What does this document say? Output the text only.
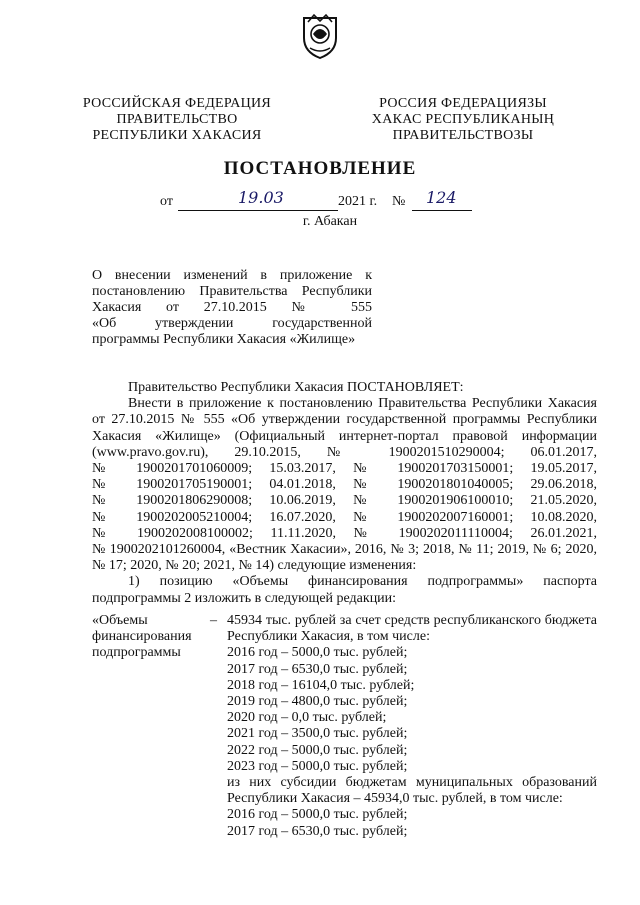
РОССИЙСКАЯ ФЕДЕРАЦИЯ
ПРАВИТЕЛЬСТВО
РЕСПУБЛИКИ ХАКАСИЯ
РОССИЯ ФЕДЕРАЦИЯЗЫ
ХАКАС РЕСПУБЛИКАНЫҢ
ПРАВИТЕЛЬСТВОЗЫ
ПОСТАНОВЛЕНИЕ
от	19.03	2021 г. № 124
г. Абакан
О внесении изменений в приложение к
постановлению Правительства Республики
Хакасия от 27.10.2015 № 555
«Об утверждении государственной
программы Республики Хакасия «Жилище»
Правительство Республики Хакасия ПОСТАНОВЛЯЕТ:
Внести в приложение к постановлению Правительства Республики Хакасия
от 27.10.2015 № 555 «Об утверждении государственной программы Республики
Хакасия «Жилище» (Официальный интернет-портал правовой информации
(www.pravo.gov.ru), 29.10.2015, № 1900201510290004; 06.01.2017,
№ 1900201701060009; 15.03.2017, № 1900201703150001; 19.05.2017,
№ 1900201705190001; 04.01.2018, № 1900201801040005; 29.06.2018,
№ 1900201806290008; 10.06.2019, № 1900201906100010; 21.05.2020,
№ 1900202005210004; 16.07.2020, № 1900202007160001; 10.08.2020,
№ 1900202008100002; 11.11.2020, № 1900202011110004; 26.01.2021,
№ 1900202101260004, «Вестник Хакасии», 2016, № 3; 2018, № 11; 2019, № 6; 2020,
№ 17; 2020, № 20; 2021, № 14) следующие изменения:
1) позицию «Объемы финансирования подпрограммы» паспорта
подпрограммы 2 изложить в следующей редакции:
«Объемы
финансирования
подпрограммы
– 45934 тыс. рублей за счет средств республиканского бюджета
Республики Хакасия, в том числе:
2016 год – 5000,0 тыс. рублей;
2017 год – 6530,0 тыс. рублей;
2018 год – 16104,0 тыс. рублей;
2019 год – 4800,0 тыс. рублей;
2020 год – 0,0 тыс. рублей;
2021 год – 3500,0 тыс. рублей;
2022 год – 5000,0 тыс. рублей;
2023 год – 5000,0 тыс. рублей;
из них субсидии бюджетам муниципальных образований
Республики Хакасия – 45934,0 тыс. рублей, в том числе:
2016 год – 5000,0 тыс. рублей;
2017 год – 6530,0 тыс. рублей;
